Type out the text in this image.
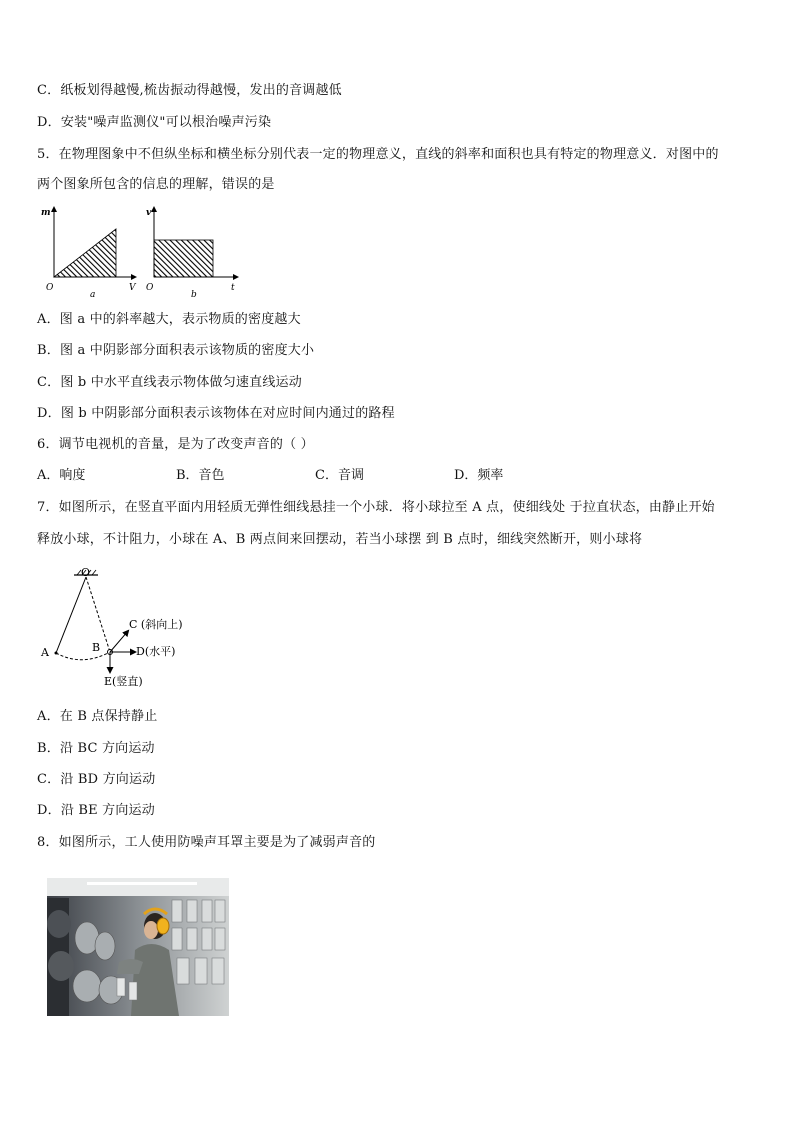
C．纸板划得越慢,梳齿振动得越慢，发出的音调越低
D．安装"噪声监测仪"可以根治噪声污染
5．在物理图象中不但纵坐标和横坐标分别代表一定的物理意义，直线的斜率和面积也具有特定的物理意义．对图中的
两个图象所包含的信息的理解，错误的是
m
V
O
a
v
t
O
b
A．图 a 中的斜率越大，表示物质的密度越大
B．图 a 中阴影部分面积表示该物质的密度大小
C．图 b 中水平直线表示物体做匀速直线运动
D．图 b 中阴影部分面积表示该物体在对应时间内通过的路程
6．调节电视机的音量，是为了改变声音的（ ）
A．响度	B．音色	C．音调	D．频率
7．如图所示，在竖直平面内用轻质无弹性细线悬挂一个小球．将小球拉至 A 点，使细线处 于拉直状态，由静止开始
释放小球，不计阻力，小球在 A、B 两点间来回摆动，若当小球摆 到 B 点时，细线突然断开，则小球将
O
A	B
C (斜向上)
D(水平)
E(竖直)
A．在 B 点保持静止
B．沿 BC 方向运动
C．沿 BD 方向运动
D．沿 BE 方向运动
8．如图所示，工人使用防噪声耳罩主要是为了减弱声音的
